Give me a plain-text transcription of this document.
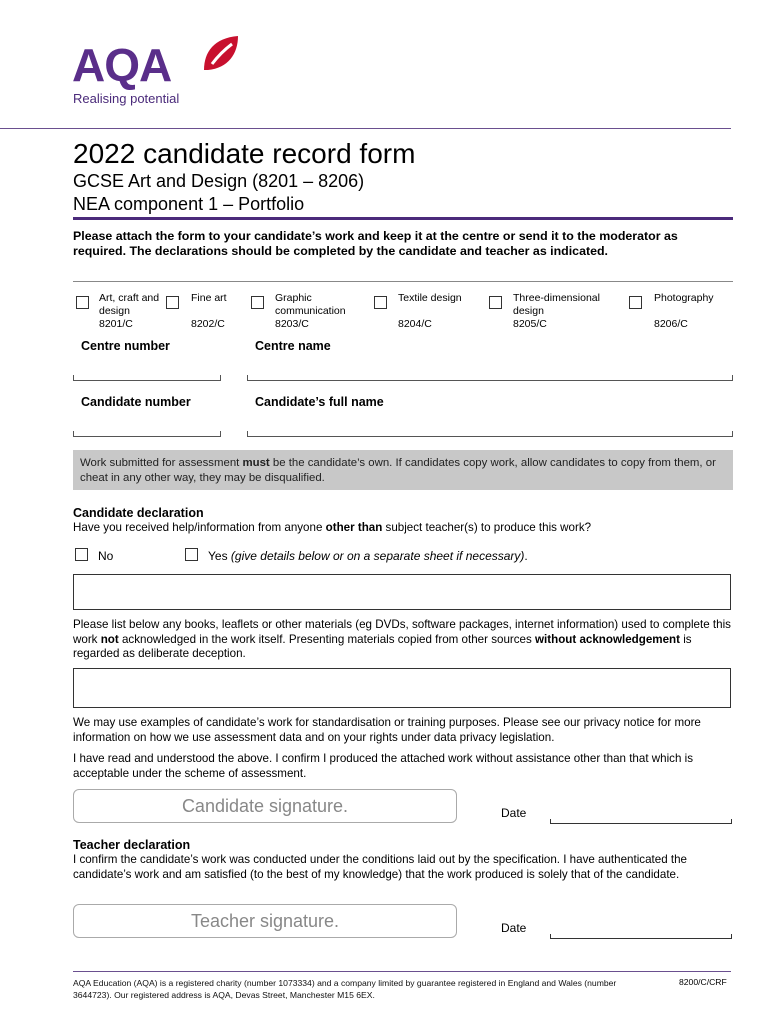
AQA
Realising potential
2022 candidate record form
GCSE Art and Design (8201 – 8206)
NEA component 1 – Portfolio
Please attach the form to your candidate’s work and keep it at the centre or send it to the moderator as required. The declarations should be completed by the candidate and teacher as indicated.
Art, craft and design
8201/C
Fine art
8202/C
Graphic communication
8203/C
Textile design
8204/C
Three-dimensional design
8205/C
Photography
8206/C
Centre number	Centre name
Candidate number	Candidate’s full name
Work submitted for assessment must be the candidate’s own. If candidates copy work, allow candidates to copy from them, or cheat in any other way, they may be disqualified.
Candidate declaration
Have you received help/information from anyone other than subject teacher(s) to produce this work?
No	Yes (give details below or on a separate sheet if necessary).
Please list below any books, leaflets or other materials (eg DVDs, software packages, internet information) used to complete this work not acknowledged in the work itself. Presenting materials copied from other sources without acknowledgement is regarded as deliberate deception.
We may use examples of candidate’s work for standardisation or training purposes. Please see our privacy notice for more information on how we use assessment data and on your rights under data privacy legislation.
I have read and understood the above. I confirm I produced the attached work without assistance other than that which is acceptable under the scheme of assessment.
Candidate signature.	Date
Teacher declaration
I confirm the candidate’s work was conducted under the conditions laid out by the specification. I have authenticated the candidate’s work and am satisfied (to the best of my knowledge) that the work produced is solely that of the candidate.
Teacher signature.	Date
AQA Education (AQA) is a registered charity (number 1073334) and a company limited by guarantee registered in England and Wales (number 3644723). Our registered address is AQA, Devas Street, Manchester M15 6EX.
8200/C/CRF
